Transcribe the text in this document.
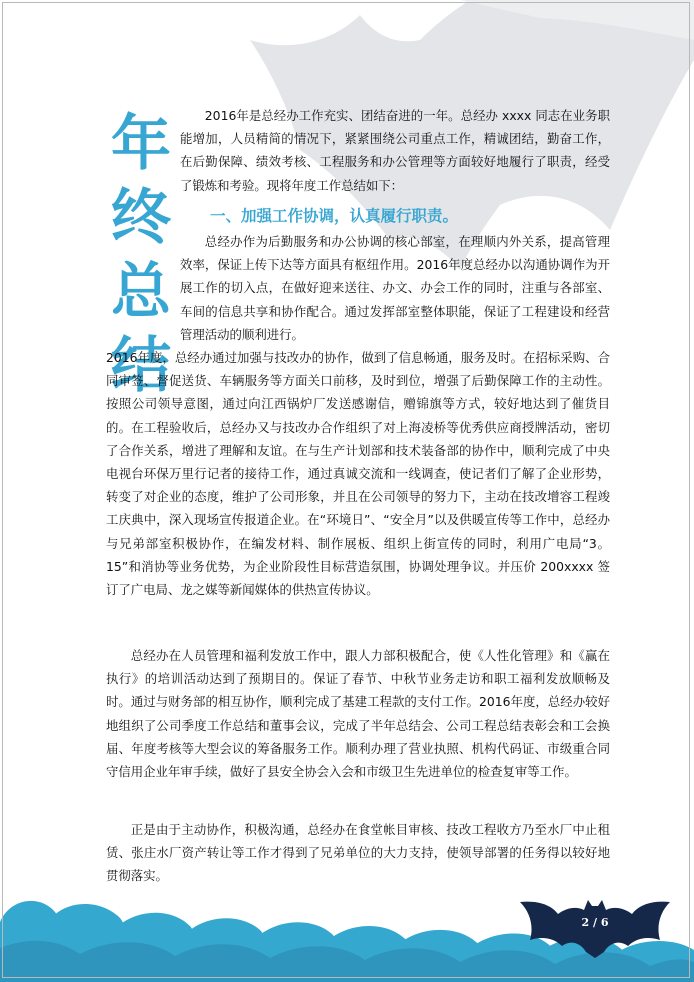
年
终
总
结

2016年是总经办工作充实、团结奋进的一年。总经办 xxxx 同志在业务职能增加，人员精简的情况下，紧紧围绕公司重点工作，精诚团结，勤奋工作，在后勤保障、绩效考核、工程服务和办公管理等方面较好地履行了职责，经受了锻炼和考验。现将年度工作总结如下：

一、加强工作协调，认真履行职责。

总经办作为后勤服务和办公协调的核心部室，在理顺内外关系，提高管理效率，保证上传下达等方面具有枢纽作用。2016年度总经办以沟通协调作为开展工作的切入点，在做好迎来送往、办文、办会工作的同时，注重与各部室、车间的信息共享和协作配合。通过发挥部室整体职能，保证了工程建设和经营管理活动的顺利进行。

2016年度，总经办通过加强与技改办的协作，做到了信息畅通，服务及时。在招标采购、合同审签、督促送货、车辆服务等方面关口前移，及时到位，增强了后勤保障工作的主动性。按照公司领导意图，通过向江西锅炉厂发送感谢信，赠锦旗等方式，较好地达到了催货目的。在工程验收后，总经办又与技改办合作组织了对上海凌桥等优秀供应商授牌活动，密切了合作关系，增进了理解和友谊。在与生产计划部和技术装备部的协作中，顺利完成了中央电视台环保万里行记者的接待工作，通过真诚交流和一线调查，使记者们了解了企业形势，转变了对企业的态度，维护了公司形象，并且在公司领导的努力下，主动在技改增容工程竣工庆典中，深入现场宣传报道企业。在“环境日”、“安全月”以及供暖宣传等工作中，总经办与兄弟部室积极协作，在编发材料、制作展板、组织上街宣传的同时，利用广电局“3。15”和消协等业务优势，为企业阶段性目标营造氛围，协调处理争议。并压价 200xxxx 签订了广电局、龙之媒等新闻媒体的供热宣传协议。

总经办在人员管理和福利发放工作中，跟人力部积极配合，使《人性化管理》和《赢在执行》的培训活动达到了预期目的。保证了春节、中秋节业务走访和职工福利发放顺畅及时。通过与财务部的相互协作，顺利完成了基建工程款的支付工作。2016年度，总经办较好地组织了公司季度工作总结和董事会议，完成了半年总结会、公司工程总结表彰会和工会换届、年度考核等大型会议的筹备服务工作。顺利办理了营业执照、机构代码证、市级重合同守信用企业年审手续，做好了县安全协会入会和市级卫生先进单位的检查复审等工作。

正是由于主动协作，积极沟通，总经办在食堂帐目审核、技改工程收方乃至水厂中止租赁、张庄水厂资产转让等工作才得到了兄弟单位的大力支持，使领导部署的任务得以较好地贯彻落实。

2 / 6
